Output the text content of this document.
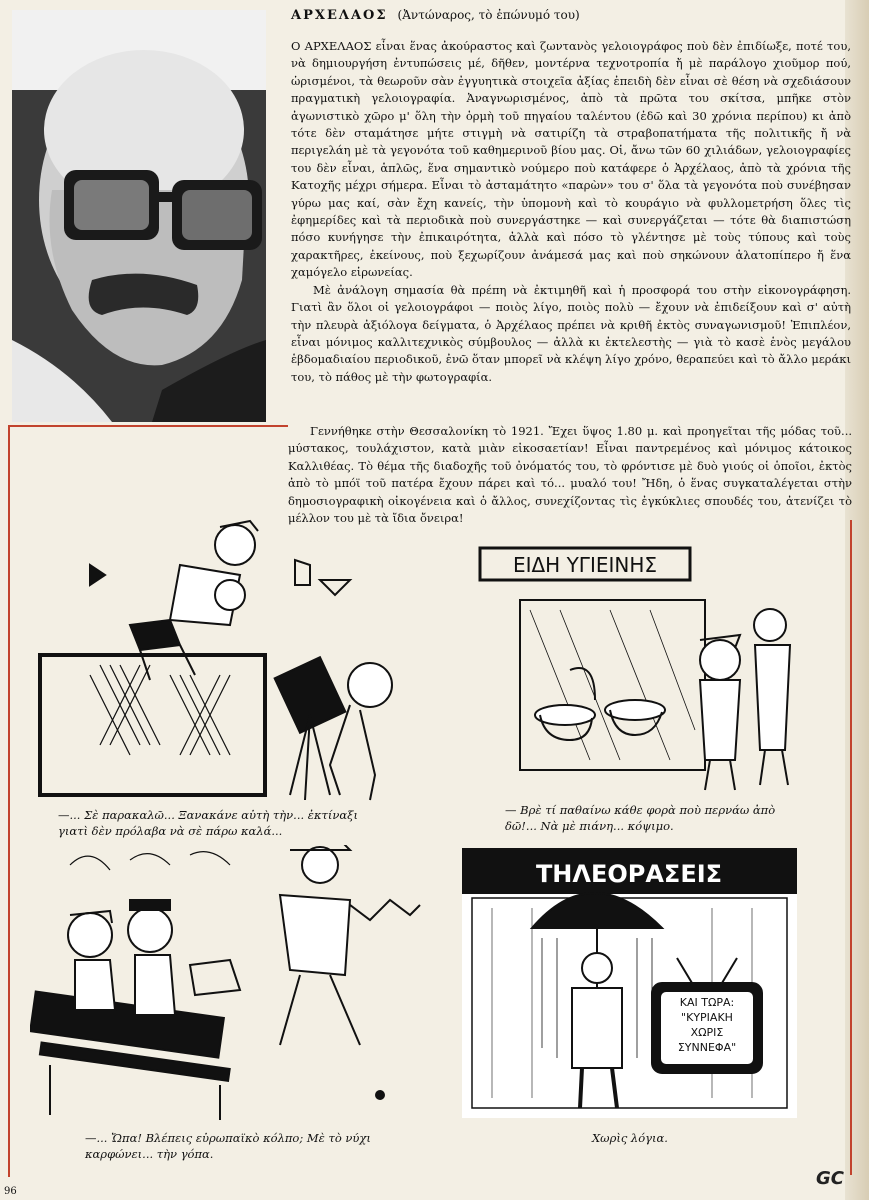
ΑΡΧΕΛΑΟΣ (Ἀντώναρος, τὸ ἐπώνυμό του)

Ο ΑΡΧΕΛΑΟΣ εἶναι ἕνας ἀκούραστος καὶ ζωντανὸς γελοιογράφος ποὺ δὲν ἐπιδίωξε, ποτέ του, νὰ δημιουργήση ἐντυπώσεις μέ, δῆθεν, μοντέρνα τεχνοτροπία ἤ μὲ παράλογο χιοῦμορ πού, ὡρισμένοι, τὰ θεωροῦν σὰν ἐγγυητικὰ στοιχεῖα ἀξίας ἐπειδὴ δὲν εἶναι σὲ θέση νὰ σχεδιάσουν πραγματικὴ γελοιογραφία. Ἀναγνωρισμένος, ἀπὸ τὰ πρῶτα του σκίτσα, μπῆκε στὸν ἀγωνιστικὸ χῶρο μ' ὅλη τὴν ὁρμὴ τοῦ πηγαίου ταλέντου (ἐδῶ καὶ 30 χρόνια περίπου) κι ἀπὸ τότε δὲν σταμάτησε μήτε στιγμὴ νὰ σατιρίζη τὰ στραβοπατήματα τῆς πολιτικῆς ἤ νὰ περιγελάη μὲ τὰ γεγονότα τοῦ καθημερινοῦ βίου μας. Οἱ, ἄνω τῶν 60 χιλιάδων, γελοιογραφίες του δὲν εἶναι, ἁπλῶς, ἕνα σημαντικὸ νούμερο ποὺ κατάφερε ὁ Ἀρχέλαος, ἀπὸ τὰ χρόνια τῆς Κατοχῆς μέχρι σήμερα. Εἶναι τὸ ἀσταμάτητο «παρὼν» του σ' ὅλα τὰ γεγονότα ποὺ συνέβησαν γύρω μας καί, σὰν ἔχη κανείς, τὴν ὑπομονὴ καὶ τὸ κουράγιο νὰ φυλλομετρήση ὅλες τὶς ἐφημερίδες καὶ τὰ περιοδικὰ ποὺ συνεργάστηκε — καὶ συνεργάζεται — τότε θὰ διαπιστώση πόσο κυνήγησε τὴν ἐπικαιρότητα, ἀλλὰ καὶ πόσο τὸ γλέντησε μὲ τοὺς τύπους καὶ τοὺς χαρακτῆρες, ἐκείνους, ποὺ ξεχωρίζουν ἀνάμεσά μας καὶ ποὺ σηκώνουν ἁλατοπίπερο ἤ ἕνα χαμόγελο εἰρωνείας.

Μὲ ἀνάλογη σημασία θὰ πρέπη νὰ ἐκτιμηθῆ καὶ ἡ προσφορά του στὴν εἰκονογράφηση. Γιατὶ ἂν ὅλοι οἱ γελοιογράφοι — ποιὸς λίγο, ποιὸς πολὺ — ἔχουν νὰ ἐπιδείξουν καὶ σ' αὐτὴ τὴν πλευρὰ ἀξιόλογα δείγματα, ὁ Ἀρχέλαος πρέπει νὰ κριθῆ ἐκτὸς συναγωνισμοῦ! Ἐπιπλέον, εἶναι μόνιμος καλλιτεχνικὸς σύμβουλος — ἀλλὰ κι ἐκτελεστὴς — γιὰ τὸ κασὲ ἑνὸς μεγάλου ἑβδομαδιαίου περιοδικοῦ, ἐνῶ ὅταν μπορεῖ νὰ κλέψη λίγο χρόνο, θεραπεύει καὶ τὸ ἄλλο μεράκι του, τὸ πάθος μὲ τὴν φωτογραφία.

Γεννήθηκε στὴν Θεσσαλονίκη τὸ 1921. Ἔχει ὕψος 1.80 μ. καὶ προηγεῖται τῆς μόδας τοῦ... μύστακος, τουλάχιστον, κατὰ μιὰν εἰκοσαετίαν! Εἶναι παντρεμένος καὶ μόνιμος κάτοικος Καλλιθέας. Τὸ θέμα τῆς διαδοχῆς τοῦ ὀνόματός του, τὸ φρόντισε μὲ δυὸ γιούς οἱ ὁποῖοι, ἐκτὸς ἀπὸ τὸ μπόϊ τοῦ πατέρα ἔχουν πάρει καὶ τό... μυαλό του! Ἤδη, ὁ ἕνας συγκαταλέγεται στὴν δημοσιογραφικὴ οἰκογένεια καὶ ὁ ἄλλος, συνεχίζοντας τὶς ἐγκύκλιες σπουδές του, ἀτενίζει τὸ μέλλον του μὲ τὰ ἴδια ὄνειρα!

—... Σὲ παρακαλῶ... Ξανακάνε αὐτὴ τὴν... ἐκτίναξι γιατὶ δὲν πρόλαβα νὰ σὲ πάρω καλά...
ΕΙΔΗ ΥΓΙΕΙΝΗΣ
— Βρὲ τί παθαίνω κάθε φορὰ ποὺ περνάω ἀπὸ δῶ!... Νὰ μὲ πιάνη... κόψιμο.
—... Ὤπα! Βλέπεις εὐρωπαϊκὸ κόλπο; Μὲ τὸ νύχι καρφώνει... τὴν γόπα.
ΤΗΛΕΟΡΑΣΕΙΣ
ΚΑΙ ΤΩΡΑ:
"ΚΥΡΙΑΚΗ
ΧΩΡΙΣ
ΣΥΝΝΕΦΑ"
Χωρὶς λόγια.
96
GC
